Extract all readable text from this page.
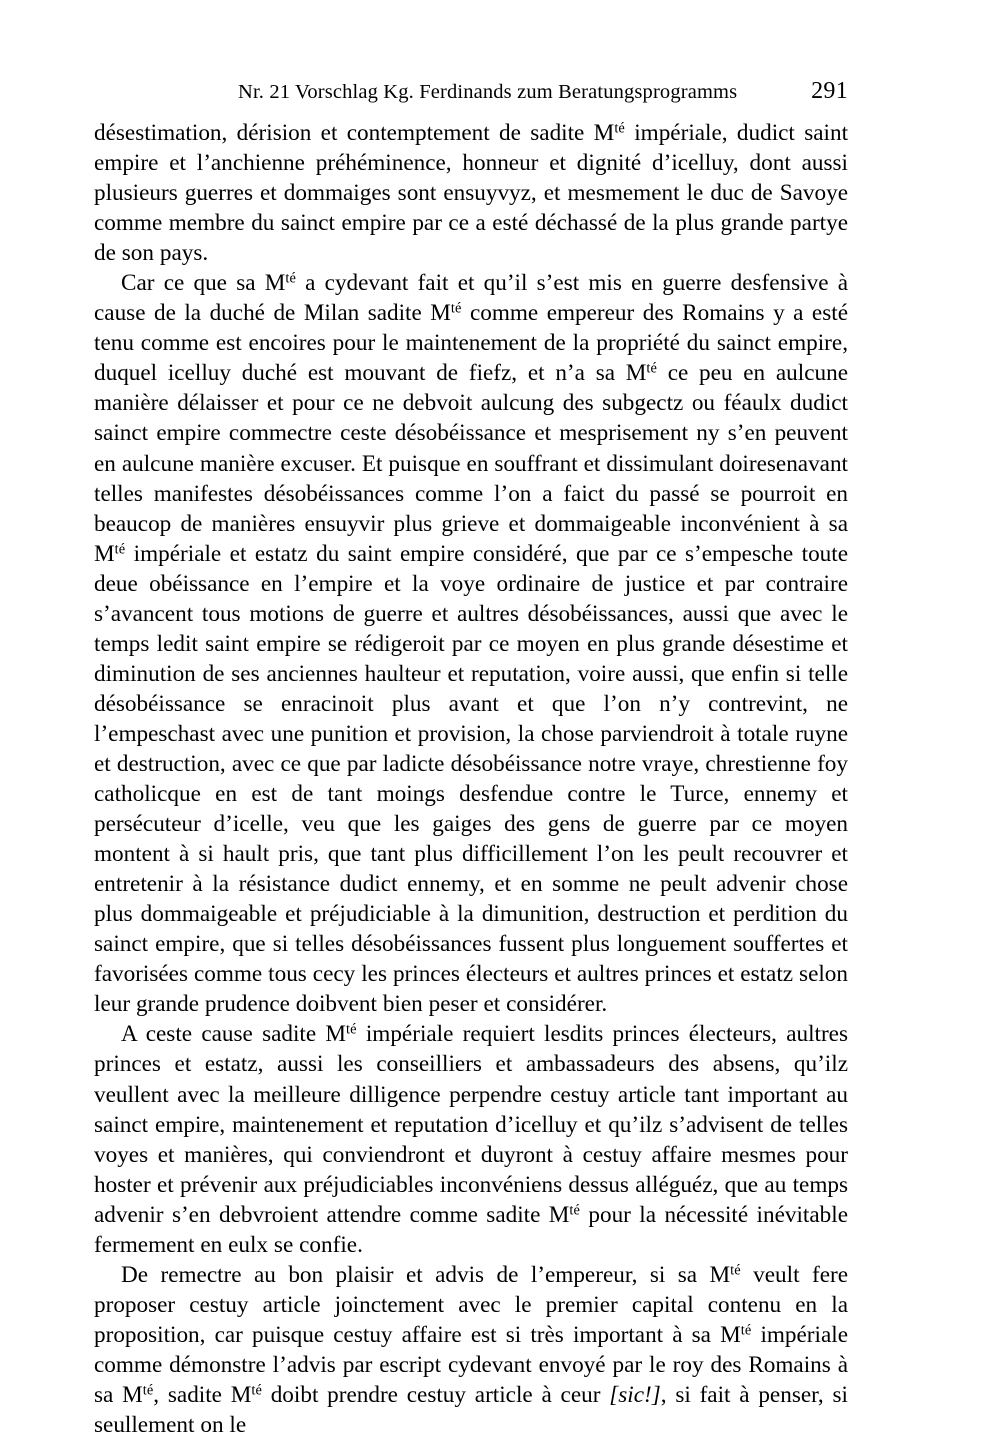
Nr. 21 Vorschlag Kg. Ferdinands zum Beratungsprogramms	291

désestimation, dérision et contemptement de sadite $M^{té}$ impériale, dudict saint empire et l’anchienne préhéminence, honneur et dignité d’icelluy, dont aussi plusieurs guerres et dommaiges sont ensuyvyz, et mesmement le duc de Savoye comme membre du sainct empire par ce a esté déchassé de la plus grande partye de son pays.

Car ce que sa $M^{té}$ a cydevant fait et qu’il s’est mis en guerre desfensive à cause de la duché de Milan sadite $M^{té}$ comme empereur des Romains y a esté tenu comme est encoires pour le maintenement de la propriété du sainct empire, duquel icelluy duché est mouvant de fiefz, et n’a sa $M^{té}$ ce peu en aulcune manière délaisser et pour ce ne debvoit aulcung des subgectz ou féaulx dudict sainct empire commectre ceste désobéissance et mesprisement ny s’en peuvent en aulcune manière excuser. Et puisque en souffrant et dissimulant doiresenavant telles manifestes désobéissances comme l’on a faict du passé se pourroit en beaucop de manières ensuyvir plus grieve et dommaigeable inconvénient à sa $M^{té}$ impériale et estatz du saint empire considéré, que par ce s’empesche toute deue obéissance en l’empire et la voye ordinaire de justice et par contraire s’avancent tous motions de guerre et aultres désobéissances, aussi que avec le temps ledit saint empire se rédigeroit par ce moyen en plus grande désestime et diminution de ses anciennes haulteur et reputation, voire aussi, que enfin si telle désobéissance se enracinoit plus avant et que l’on n’y contrevint, ne l’empeschast avec une punition et provision, la chose parviendroit à totale ruyne et destruction, avec ce que par ladicte désobéissance notre vraye, chrestienne foy catholicque en est de tant moings desfendue contre le Turce, ennemy et persécuteur d’icelle, veu que les gaiges des gens de guerre par ce moyen montent à si hault pris, que tant plus difficillement l’on les peult recouvrer et entretenir à la résistance dudict ennemy, et en somme ne peult advenir chose plus dommaigeable et préjudiciable à la dimunition, destruction et perdition du sainct empire, que si telles désobéissances fussent plus longuement souffertes et favorisées comme tous cecy les princes électeurs et aultres princes et estatz selon leur grande prudence doibvent bien peser et considérer.

A ceste cause sadite $M^{té}$ impériale requiert lesdits princes électeurs, aultres princes et estatz, aussi les conseilliers et ambassadeurs des absens, qu’ilz veullent avec la meilleure dilligence perpendre cestuy article tant important au sainct empire, maintenement et reputation d’icelluy et qu’ilz s’advisent de telles voyes et manières, qui conviendront et duyront à cestuy affaire mesmes pour hoster et prévenir aux préjudiciables inconvéniens dessus alléguéz, que au temps advenir s’en debvroient attendre comme sadite $M^{té}$ pour la nécessité inévitable fermement en eulx se confie.

De remectre au bon plaisir et advis de l’empereur, si sa $M^{té}$ veult fere proposer cestuy article joinctement avec le premier capital contenu en la proposition, car puisque cestuy affaire est si très important à sa $M^{té}$ impériale comme démonstre l’advis par escript cydevant envoyé par le roy des Romains à sa $M^{té}$, sadite $M^{té}$ doibt prendre cestuy article à ceur [sic!], si fait à penser, si seullement on le
